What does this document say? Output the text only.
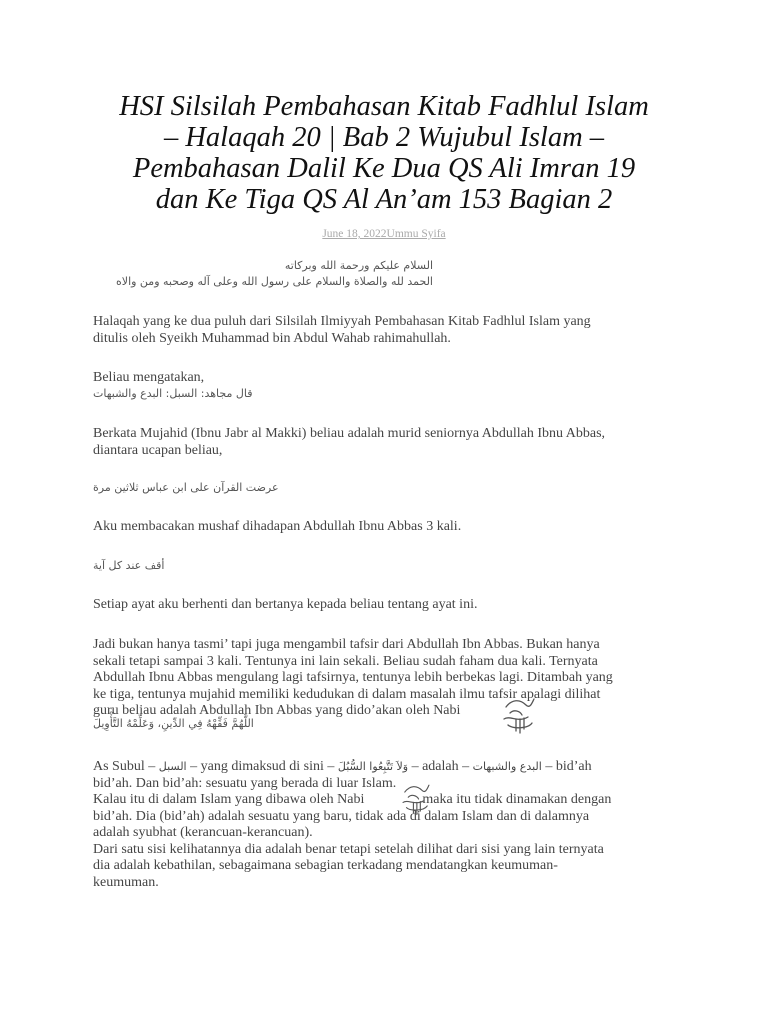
HSI Silsilah Pembahasan Kitab Fadhlul Islam
– Halaqah 20 | Bab 2 Wujubul Islam –
Pembahasan Dalil Ke Dua QS Ali Imran 19
dan Ke Tiga QS Al An’am 153 Bagian 2
June 18, 2022Ummu Syifa
السلام عليكم ورحمة الله وبركاته
الحمد لله والصلاة والسلام على رسول الله وعلى آله وصحبه ومن والاه
Halaqah yang ke dua puluh dari Silsilah Ilmiyyah Pembahasan Kitab Fadhlul Islam yang
ditulis oleh Syeikh Muhammad bin Abdul Wahab rahimahullah.
Beliau mengatakan,
قال مجاهد: السبل: البدع والشبهات
Berkata Mujahid (Ibnu Jabr al Makki) beliau adalah murid seniornya Abdullah Ibnu Abbas,
diantara ucapan beliau,
عرضت القرآن على ابن عباس ثلاثين مرة
Aku membacakan mushaf dihadapan Abdullah Ibnu Abbas 3 kali.
أقف عند كل آية
Setiap ayat aku berhenti dan bertanya kepada beliau tentang ayat ini.
Jadi bukan hanya tasmi’ tapi juga mengambil tafsir dari Abdullah Ibn Abbas. Bukan hanya
sekali tetapi sampai 3 kali. Tentunya ini lain sekali. Beliau sudah faham dua kali. Ternyata
Abdullah Ibnu Abbas mengulang lagi tafsirnya, tentunya lebih berbekas lagi. Ditambah yang
ke tiga, tentunya mujahid memiliki kedudukan di dalam masalah ilmu tafsir apalagi dilihat
guru beliau adalah Abdullah Ibn Abbas yang dido’akan oleh Nabi
اللَّهُمَّ فَقِّهْهُ فِي الدِّينِ، وَعَلِّمْهُ التَّأْوِيلَ
As Subul – السبل – yang dimaksud di sini – وَلاَ تَتَّبِعُوا السُّبُلَ – adalah – البدع والشبهات – bid’ah
bid’ah. Dan bid’ah: sesuatu yang berada di luar Islam.
Kalau itu di dalam Islam yang dibawa oleh Nabi	maka itu tidak dinamakan dengan
bid’ah. Dia (bid’ah) adalah sesuatu yang baru, tidak ada di dalam Islam dan di dalamnya
adalah syubhat (kerancuan-kerancuan).
Dari satu sisi kelihatannya dia adalah benar tetapi setelah dilihat dari sisi yang lain ternyata
dia adalah kebathilan, sebagaimana sebagian terkadang mendatangkan keumuman-
keumuman.
